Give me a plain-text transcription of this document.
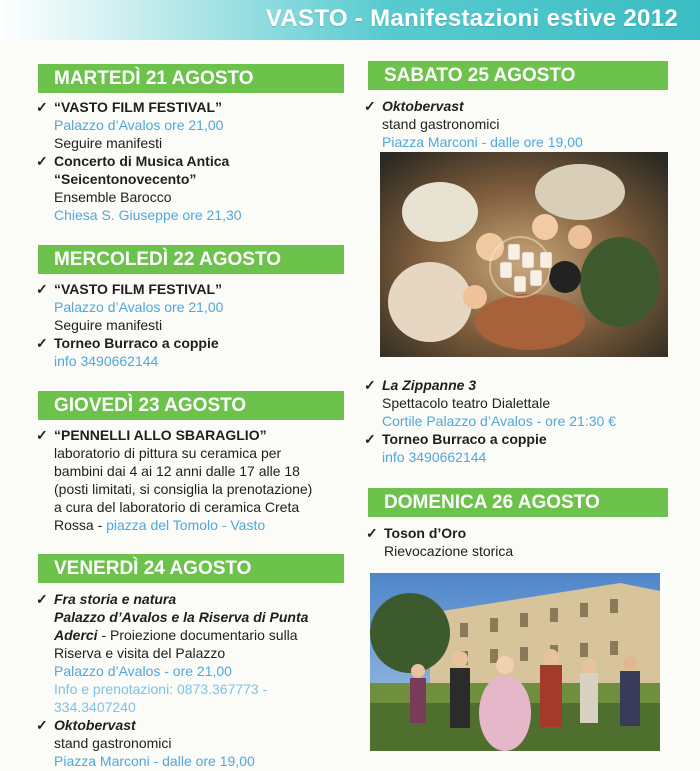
VASTO - Manifestazioni estive 2012
MARTEDÌ 21 AGOSTO
✓ “VASTO FILM FESTIVAL”
Palazzo d’Avalos ore 21,00
Seguire manifesti
✓ Concerto di Musica Antica
“Seicentonovecento”
Ensemble Barocco
Chiesa S. Giuseppe ore 21,30
MERCOLEDÌ 22 AGOSTO
✓ “VASTO FILM FESTIVAL”
Palazzo d’Avalos ore 21,00
Seguire manifesti
✓ Torneo Burraco a coppie
info 3490662144
GIOVEDÌ 23 AGOSTO
✓ “PENNELLI ALLO SBARAGLIO”
laboratorio di pittura su ceramica per
bambini dai 4 ai 12 anni dalle 17 alle 18
(posti limitati, si consiglia la prenotazione)
a cura del laboratorio di ceramica Creta
Rossa - piazza del Tomolo - Vasto
VENERDÌ 24 AGOSTO
✓ Fra storia e natura
Palazzo d’Avalos e la Riserva di Punta
Aderci - Proiezione documentario sulla
Riserva e visita del Palazzo
Palazzo d’Avalos - ore 21,00
Info e prenotazioni: 0873.367773 -
334.3407240
✓ Oktobervast
stand gastronomici
Piazza Marconi - dalle ore 19,00
SABATO 25 AGOSTO
✓ Oktobervast
stand gastronomici
Piazza Marconi - dalle ore 19,00
✓ La Zippanne 3
Spettacolo teatro Dialettale
Cortile Palazzo d’Avalos - ore 21:30 €
✓ Torneo Burraco a coppie
info 3490662144
DOMENICA 26 AGOSTO
✓ Toson d’Oro
Rievocazione storica
